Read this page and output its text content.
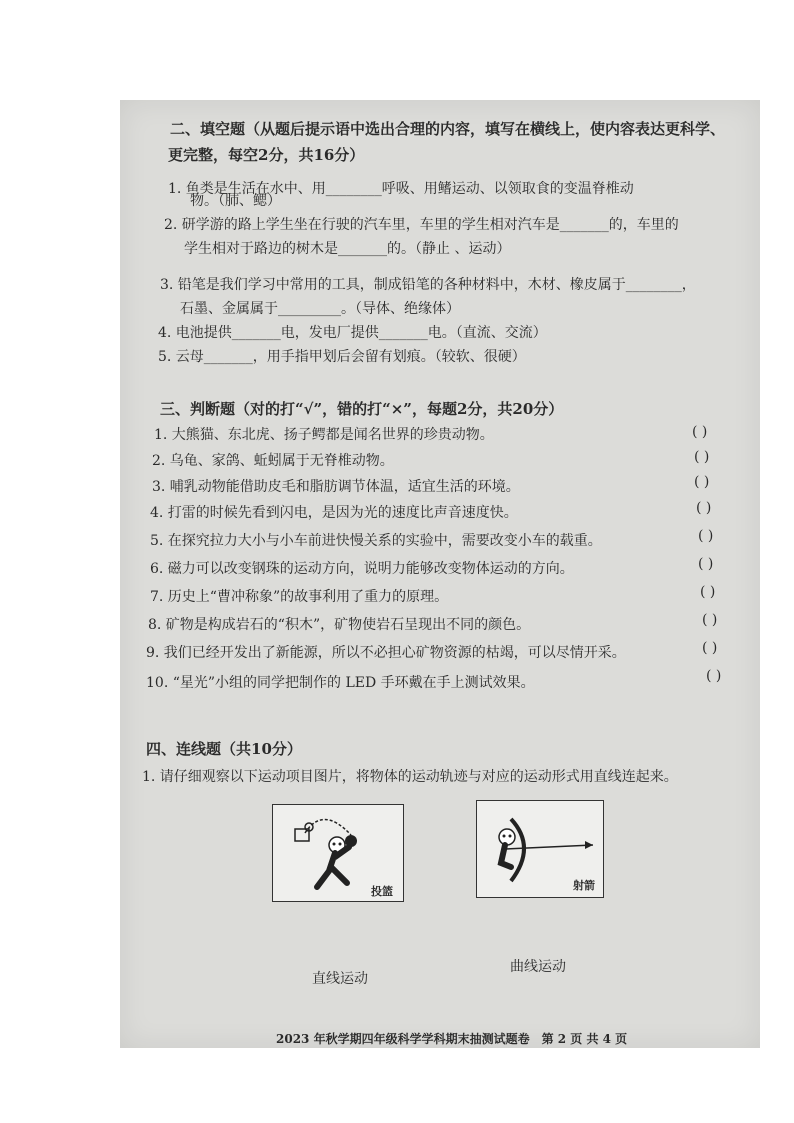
二、填空题（从题后提示语中选出合理的内容，填写在横线上，使内容表达更科学、
更完整，每空2分，共16分）
1. 鱼类是生活在水中、用________呼吸、用鳍运动、以领取食的变温脊椎动
物。（肺、鳃）
2. 研学游的路上学生坐在行驶的汽车里，车里的学生相对汽车是_______的，车里的
学生相对于路边的树木是_______的。（静止 、运动）
3. 铅笔是我们学习中常用的工具，制成铅笔的各种材料中，木材、橡皮属于________，
石墨、金属属于_________。（导体、绝缘体）
4. 电池提供_______电，发电厂提供_______电。（直流、交流）
5. 云母_______，用手指甲划后会留有划痕。（较软、很硬）
三、判断题（对的打“√”，错的打“×”，每题2分，共20分）
1. 大熊猫、东北虎、扬子鳄都是闻名世界的珍贵动物。	( )
2. 乌龟、家鸽、蚯蚓属于无脊椎动物。	( )
3. 哺乳动物能借助皮毛和脂肪调节体温，适宜生活的环境。	( )
4. 打雷的时候先看到闪电，是因为光的速度比声音速度快。	( )
5. 在探究拉力大小与小车前进快慢关系的实验中，需要改变小车的载重。	( )
6. 磁力可以改变钢珠的运动方向，说明力能够改变物体运动的方向。	( )
7. 历史上“曹冲称象”的故事利用了重力的原理。	( )
8. 矿物是构成岩石的“积木”，矿物使岩石呈现出不同的颜色。	( )
9. 我们已经开发出了新能源，所以不必担心矿物资源的枯竭，可以尽情开采。	( )
10. “星光”小组的同学把制作的 LED 手环戴在手上测试效果。	( )
四、连线题（共10分）
1. 请仔细观察以下运动项目图片，将物体的运动轨迹与对应的运动形式用直线连起来。
投篮	射箭
直线运动
曲线运动
2023 年秋学期四年级科学学科期末抽测试题卷　第 2 页 共 4 页
